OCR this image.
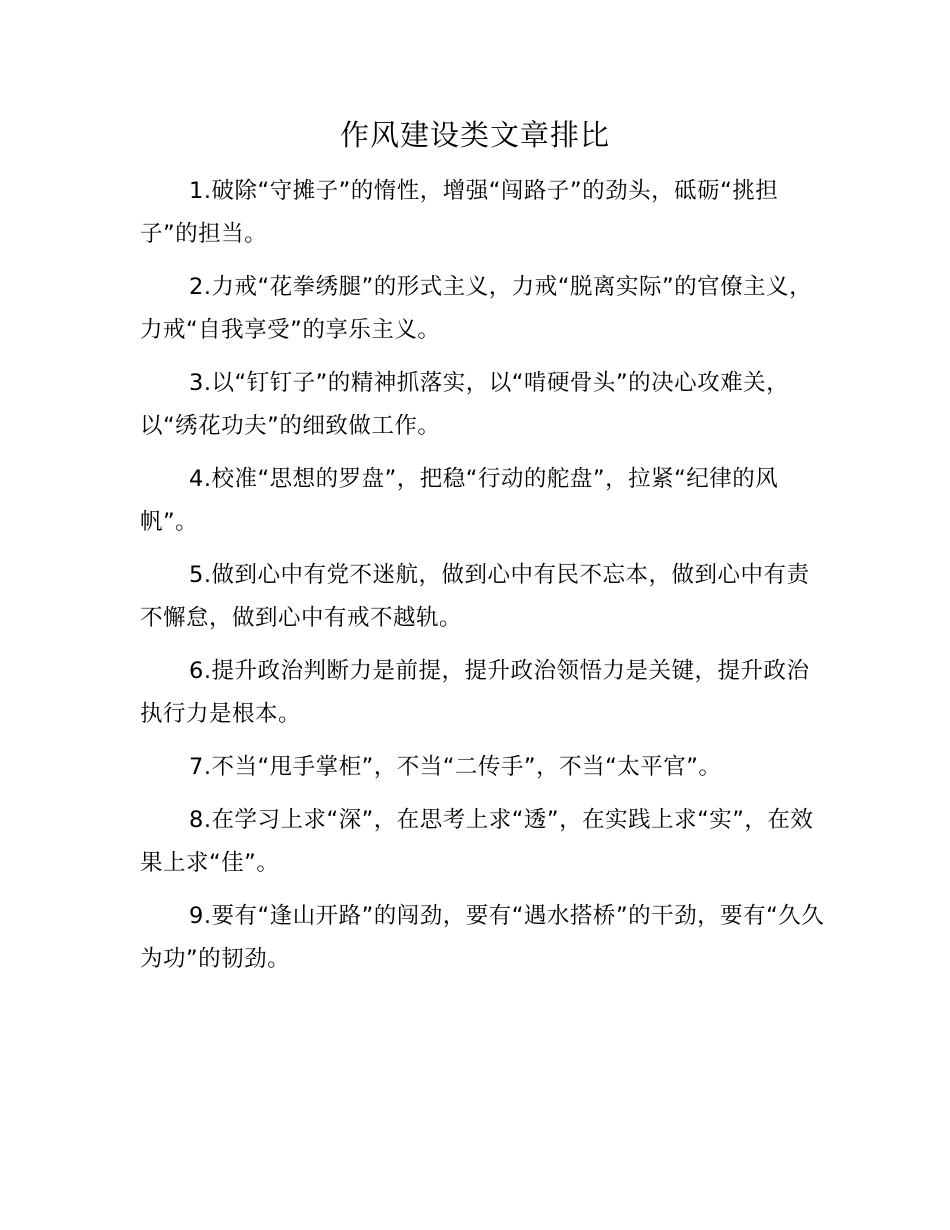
作风建设类文章排比

1.破除“守摊子”的惰性，增强“闯路子”的劲头，砥砺“挑担子”的担当。

2.力戒“花拳绣腿”的形式主义，力戒“脱离实际”的官僚主义，力戒“自我享受”的享乐主义。

3.以“钉钉子”的精神抓落实，以“啃硬骨头”的决心攻难关，以“绣花功夫”的细致做工作。

4.校准“思想的罗盘”，把稳“行动的舵盘”，拉紧“纪律的风帆”。

5.做到心中有党不迷航，做到心中有民不忘本，做到心中有责不懈怠，做到心中有戒不越轨。

6.提升政治判断力是前提，提升政治领悟力是关键，提升政治执行力是根本。

7.不当“甩手掌柜”，不当“二传手”，不当“太平官”。

8.在学习上求“深”，在思考上求“透”，在实践上求“实”，在效果上求“佳”。

9.要有“逢山开路”的闯劲，要有“遇水搭桥”的干劲，要有“久久为功”的韧劲。
